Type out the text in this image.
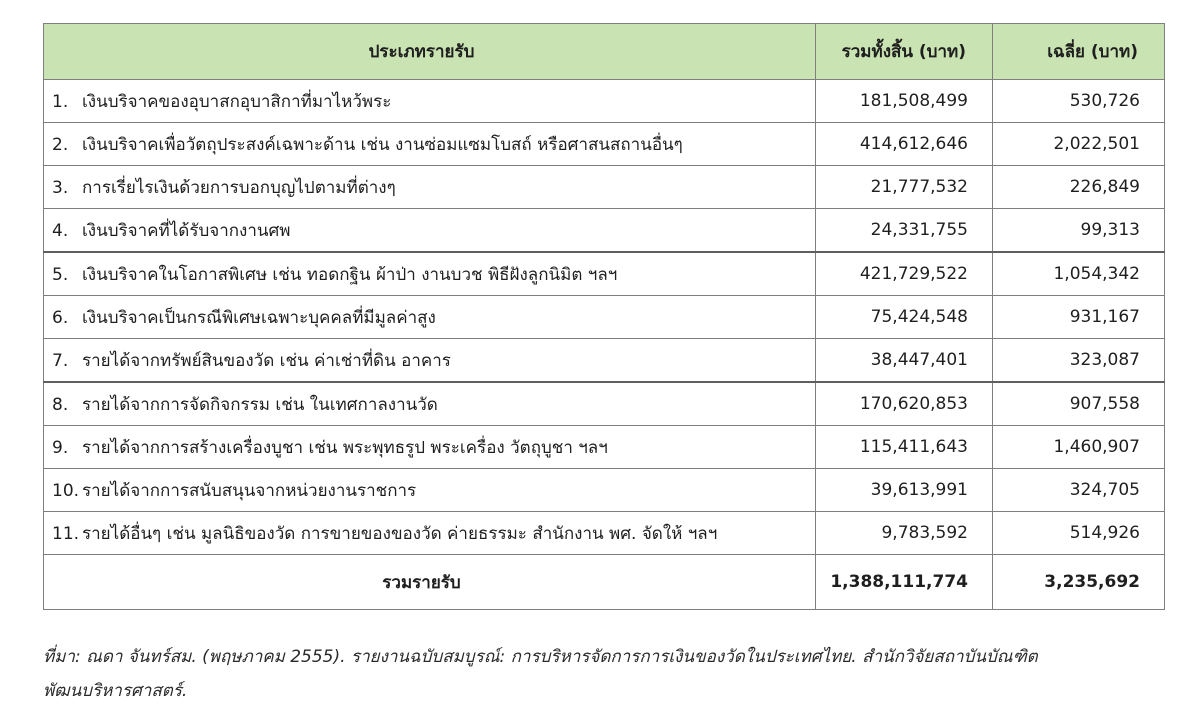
ประเภทรายรับ	รวมทั้งสิ้น (บาท)	เฉลี่ย (บาท)
1. เงินบริจาคของอุบาสกอุบาสิกาที่มาไหว้พระ	181,508,499	530,726
2. เงินบริจาคเพื่อวัตถุประสงค์เฉพาะด้าน เช่น งานซ่อมแซมโบสถ์ หรือศาสนสถานอื่นๆ	414,612,646	2,022,501
3. การเรี่ยไรเงินด้วยการบอกบุญไปตามที่ต่างๆ	21,777,532	226,849
4. เงินบริจาคที่ได้รับจากงานศพ	24,331,755	99,313
5. เงินบริจาคในโอกาสพิเศษ เช่น ทอดกฐิน ผ้าป่า งานบวช พิธีฝังลูกนิมิต ฯลฯ	421,729,522	1,054,342
6. เงินบริจาคเป็นกรณีพิเศษเฉพาะบุคคลที่มีมูลค่าสูง	75,424,548	931,167
7. รายได้จากทรัพย์สินของวัด เช่น ค่าเช่าที่ดิน อาคาร	38,447,401	323,087
8. รายได้จากการจัดกิจกรรม เช่น ในเทศกาลงานวัด	170,620,853	907,558
9. รายได้จากการสร้างเครื่องบูชา เช่น พระพุทธรูป พระเครื่อง วัตถุบูชา ฯลฯ	115,411,643	1,460,907
10. รายได้จากการสนับสนุนจากหน่วยงานราชการ	39,613,991	324,705
11. รายได้อื่นๆ เช่น มูลนิธิของวัด การขายของของวัด ค่ายธรรมะ สำนักงาน พศ. จัดให้ ฯลฯ	9,783,592	514,926
รวมรายรับ	1,388,111,774	3,235,692
ที่มา: ณดา จันทร์สม. (พฤษภาคม 2555). รายงานฉบับสมบูรณ์: การบริหารจัดการการเงินของวัดในประเทศไทย. สำนักวิจัยสถาบันบัณฑิตพัฒนบริหารศาสตร์.
